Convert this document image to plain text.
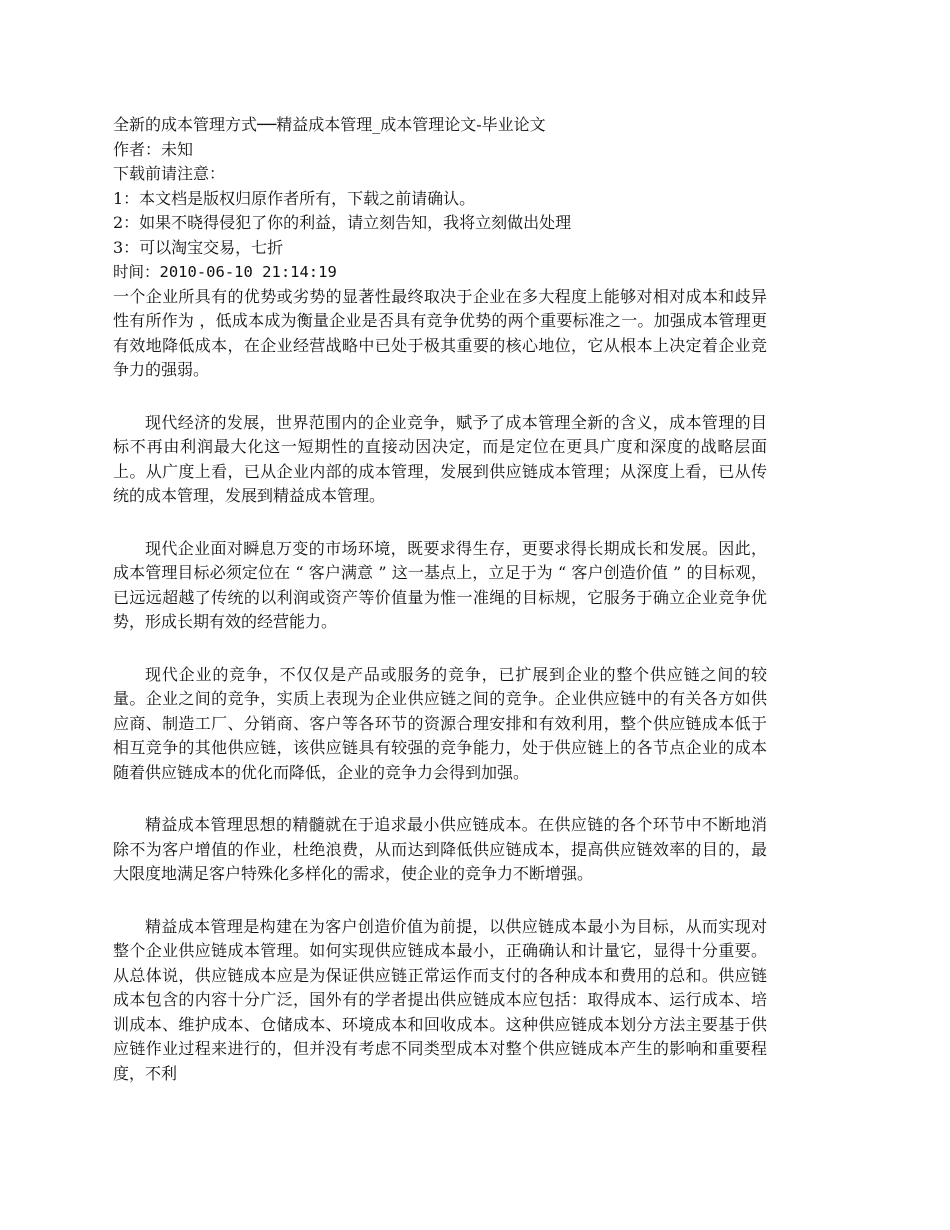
全新的成本管理方式──精益成本管理_成本管理论文-毕业论文
作者：未知
下载前请注意：
1：本文档是版权归原作者所有，下载之前请确认。
2：如果不晓得侵犯了你的利益，请立刻告知，我将立刻做出处理
3：可以淘宝交易，七折
时间：2010-06-10 21:14:19

一个企业所具有的优势或劣势的显著性最终取决于企业在多大程度上能够对相对成本和歧异性有所作为 ，低成本成为衡量企业是否具有竞争优势的两个重要标准之一。加强成本管理更有效地降低成本，在企业经营战略中已处于极其重要的核心地位，它从根本上决定着企业竞争力的强弱。

现代经济的发展，世界范围内的企业竞争，赋予了成本管理全新的含义，成本管理的目标不再由利润最大化这一短期性的直接动因决定，而是定位在更具广度和深度的战略层面上。从广度上看，已从企业内部的成本管理，发展到供应链成本管理；从深度上看，已从传统的成本管理，发展到精益成本管理。

现代企业面对瞬息万变的市场环境，既要求得生存，更要求得长期成长和发展。因此，成本管理目标必须定位在 “ 客户满意 ” 这一基点上，立足于为 “ 客户创造价值 ” 的目标观，已远远超越了传统的以利润或资产等价值量为惟一准绳的目标规，它服务于确立企业竞争优势，形成长期有效的经营能力。

现代企业的竞争，不仅仅是产品或服务的竞争，已扩展到企业的整个供应链之间的较量。企业之间的竞争，实质上表现为企业供应链之间的竞争。企业供应链中的有关各方如供应商、制造工厂、分销商、客户等各环节的资源合理安排和有效利用，整个供应链成本低于相互竞争的其他供应链，该供应链具有较强的竞争能力，处于供应链上的各节点企业的成本随着供应链成本的优化而降低，企业的竞争力会得到加强。

精益成本管理思想的精髓就在于追求最小供应链成本。在供应链的各个环节中不断地消除不为客户增值的作业，杜绝浪费，从而达到降低供应链成本，提高供应链效率的目的，最大限度地满足客户特殊化多样化的需求，使企业的竞争力不断增强。

精益成本管理是构建在为客户创造价值为前提，以供应链成本最小为目标，从而实现对整个企业供应链成本管理。如何实现供应链成本最小，正确确认和计量它，显得十分重要。从总体说，供应链成本应是为保证供应链正常运作而支付的各种成本和费用的总和。供应链成本包含的内容十分广泛，国外有的学者提出供应链成本应包括：取得成本、运行成本、培训成本、维护成本、仓储成本、环境成本和回收成本。这种供应链成本划分方法主要基于供应链作业过程来进行的，但并没有考虑不同类型成本对整个供应链成本产生的影响和重要程度，不利
